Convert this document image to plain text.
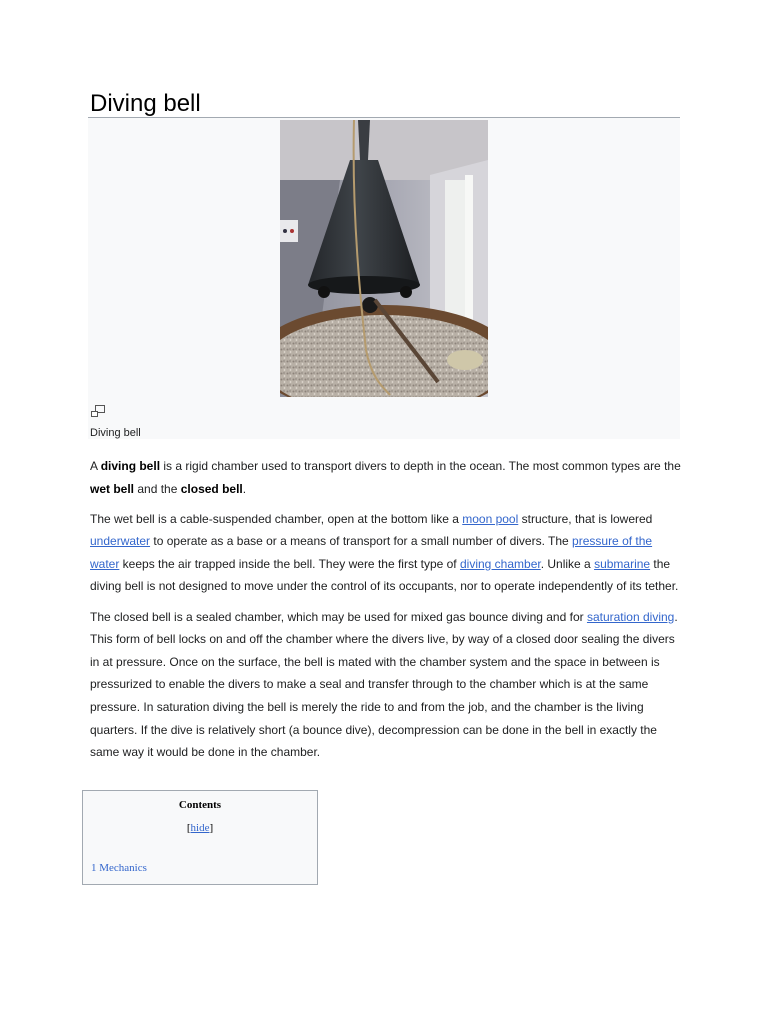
Diving bell
Diving bell

A diving bell is a rigid chamber used to transport divers to depth in the ocean. The most common types are the wet bell and the closed bell.

The wet bell is a cable-suspended chamber, open at the bottom like a moon pool structure, that is lowered underwater to operate as a base or a means of transport for a small number of divers. The pressure of the water keeps the air trapped inside the bell. They were the first type of diving chamber. Unlike a submarine the diving bell is not designed to move under the control of its occupants, nor to operate independently of its tether.

The closed bell is a sealed chamber, which may be used for mixed gas bounce diving and for saturation diving. This form of bell locks on and off the chamber where the divers live, by way of a closed door sealing the divers in at pressure. Once on the surface, the bell is mated with the chamber system and the space in between is pressurized to enable the divers to make a seal and transfer through to the chamber which is at the same pressure. In saturation diving the bell is merely the ride to and from the job, and the chamber is the living quarters. If the dive is relatively short (a bounce dive), decompression can be done in the bell in exactly the same way it would be done in the chamber.

Contents
[hide]
1 Mechanics
